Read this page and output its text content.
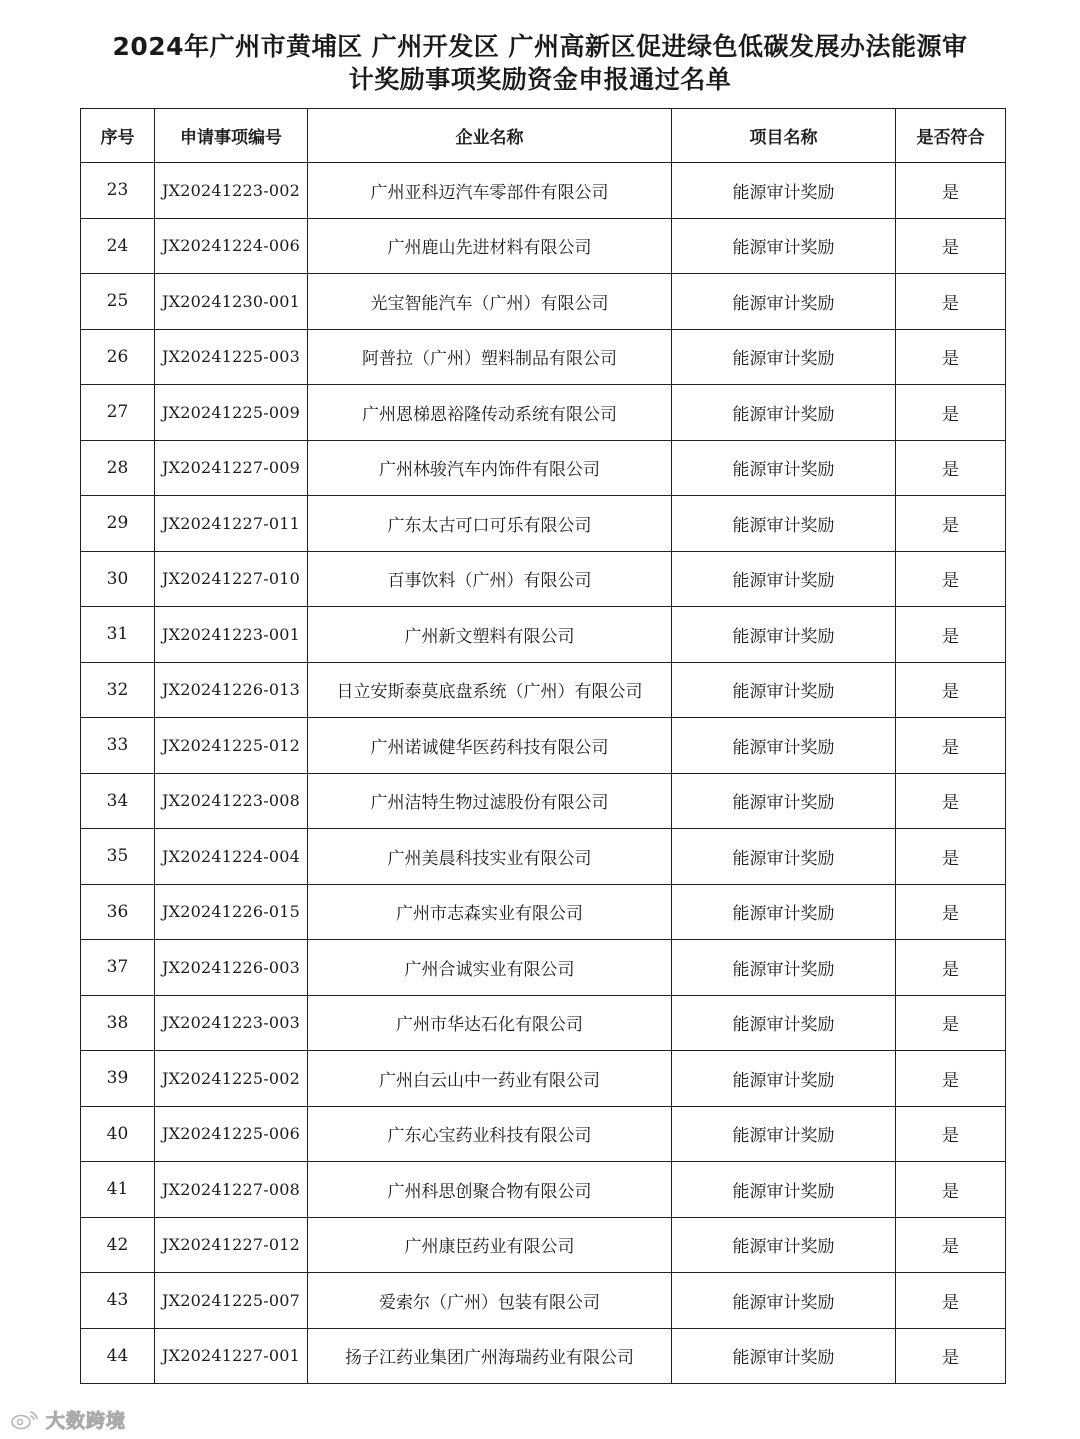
2024年广州市黄埔区 广州开发区 广州高新区促进绿色低碳发展办法能源审
计奖励事项奖励资金申报通过名单
序号	申请事项编号	企业名称	项目名称	是否符合
23	JX20241223-002	广州亚科迈汽车零部件有限公司	能源审计奖励	是
24	JX20241224-006	广州鹿山先进材料有限公司	能源审计奖励	是
25	JX20241230-001	光宝智能汽车（广州）有限公司	能源审计奖励	是
26	JX20241225-003	阿普拉（广州）塑料制品有限公司	能源审计奖励	是
27	JX20241225-009	广州恩梯恩裕隆传动系统有限公司	能源审计奖励	是
28	JX20241227-009	广州林骏汽车内饰件有限公司	能源审计奖励	是
29	JX20241227-011	广东太古可口可乐有限公司	能源审计奖励	是
30	JX20241227-010	百事饮料（广州）有限公司	能源审计奖励	是
31	JX20241223-001	广州新文塑料有限公司	能源审计奖励	是
32	JX20241226-013	日立安斯泰莫底盘系统（广州）有限公司	能源审计奖励	是
33	JX20241225-012	广州诺诚健华医药科技有限公司	能源审计奖励	是
34	JX20241223-008	广州洁特生物过滤股份有限公司	能源审计奖励	是
35	JX20241224-004	广州美晨科技实业有限公司	能源审计奖励	是
36	JX20241226-015	广州市志森实业有限公司	能源审计奖励	是
37	JX20241226-003	广州合诚实业有限公司	能源审计奖励	是
38	JX20241223-003	广州市华达石化有限公司	能源审计奖励	是
39	JX20241225-002	广州白云山中一药业有限公司	能源审计奖励	是
40	JX20241225-006	广东心宝药业科技有限公司	能源审计奖励	是
41	JX20241227-008	广州科思创聚合物有限公司	能源审计奖励	是
42	JX20241227-012	广州康臣药业有限公司	能源审计奖励	是
43	JX20241225-007	爱索尔（广州）包装有限公司	能源审计奖励	是
44	JX20241227-001	扬子江药业集团广州海瑞药业有限公司	能源审计奖励	是
大数跨境
